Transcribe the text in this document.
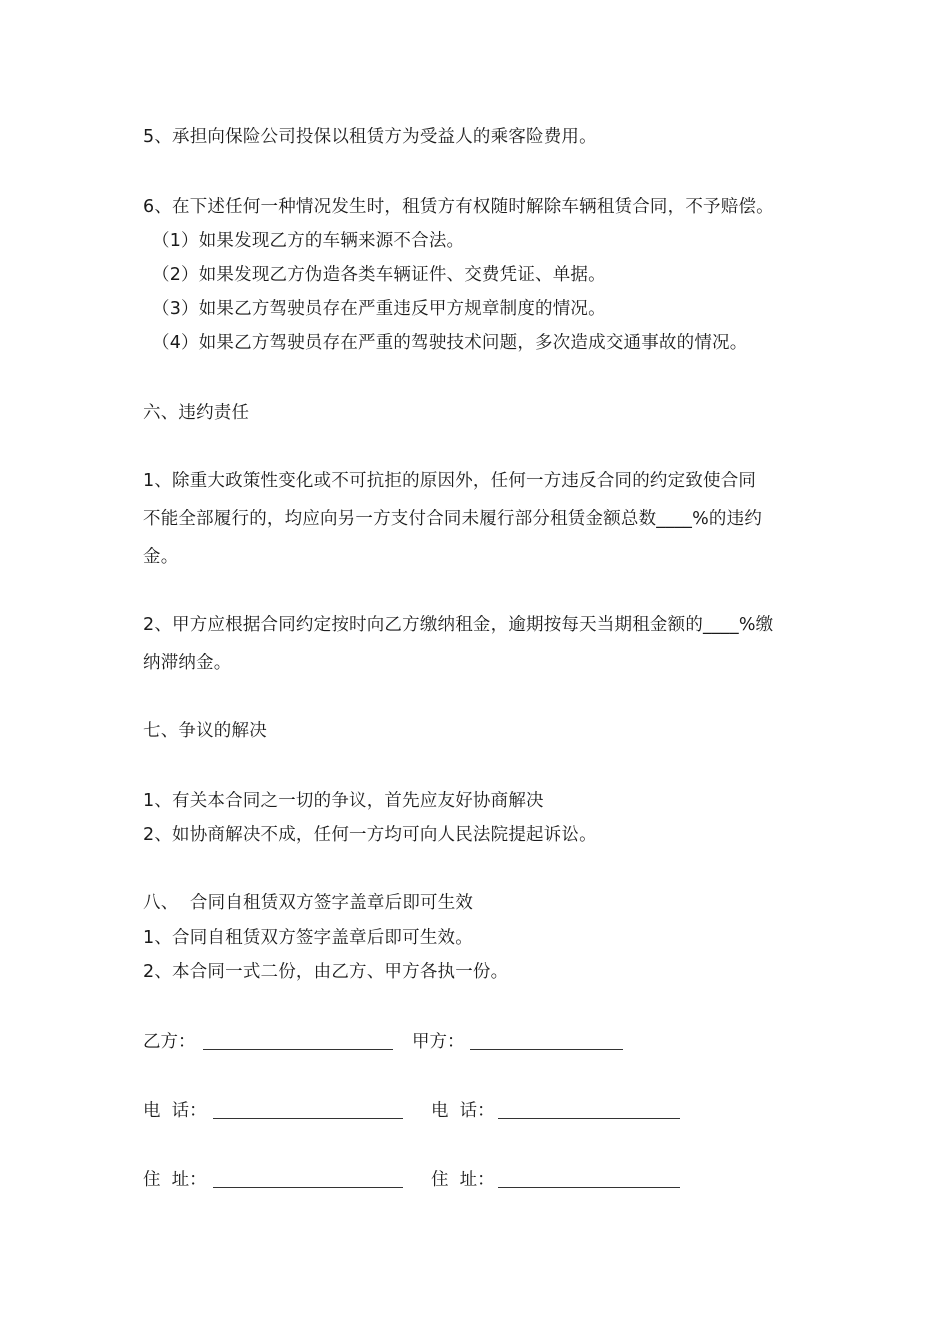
5、承担向保险公司投保以租赁方为受益人的乘客险费用。
6、在下述任何一种情况发生时，租赁方有权随时解除车辆租赁合同，不予赔偿。
（1）如果发现乙方的车辆来源不合法。
（2）如果发现乙方伪造各类车辆证件、交费凭证、单据。
（3）如果乙方驾驶员存在严重违反甲方规章制度的情况。
（4）如果乙方驾驶员存在严重的驾驶技术问题，多次造成交通事故的情况。
六、违约责任
1、除重大政策性变化或不可抗拒的原因外，任何一方违反合同的约定致使合同
不能全部履行的，均应向另一方支付合同未履行部分租赁金额总数____%的违约
金。
2、甲方应根据合同约定按时向乙方缴纳租金，逾期按每天当期租金额的____%缴
纳滞纳金。
七、争议的解决
1、有关本合同之一切的争议，首先应友好协商解决
2、如协商解决不成，任何一方均可向人民法院提起诉讼。
八、  合同自租赁双方签字盖章后即可生效
1、合同自租赁双方签字盖章后即可生效。
2、本合同一式二份，由乙方、甲方各执一份。
乙方：	甲方：
电  话：	电  话：
住  址：	住  址：
